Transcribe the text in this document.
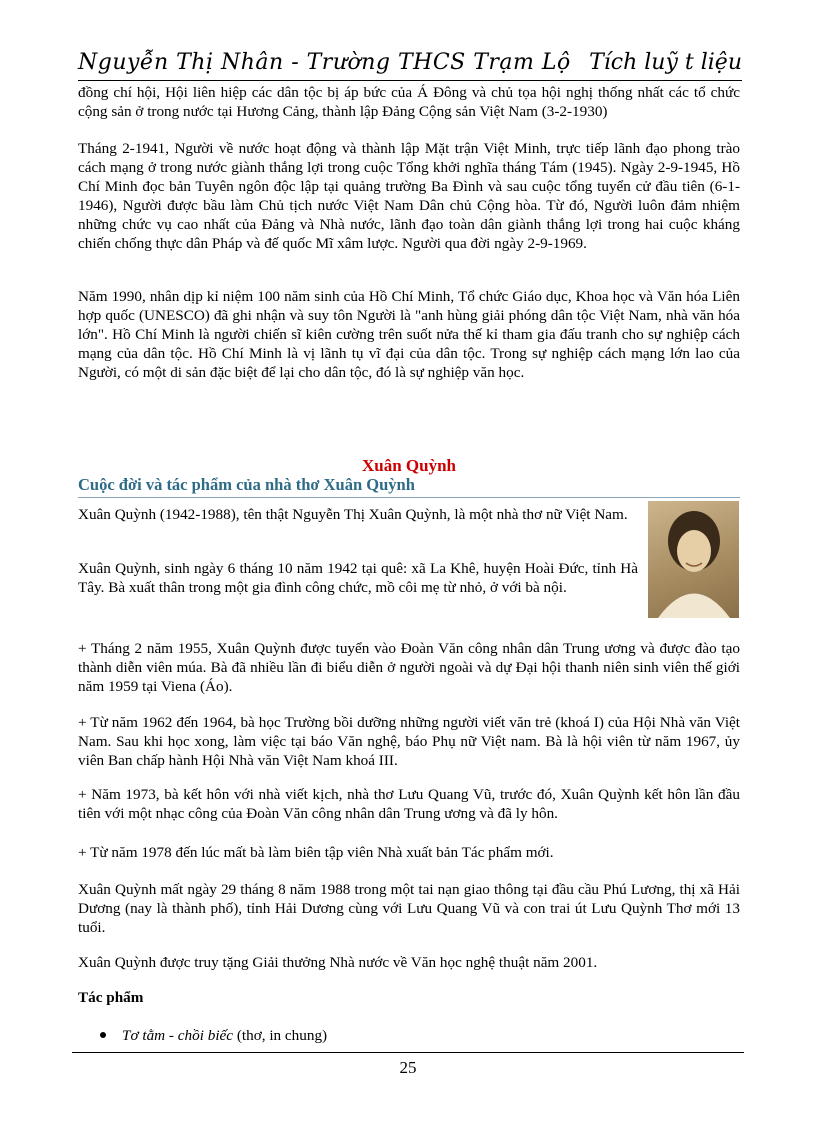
Nguyễn Thị Nhân - Trường THCS Trạm Lộ Tích luỹ t liệu
đồng chí hội, Hội liên hiệp các dân tộc bị áp bức của Á Đông và chủ tọa hội nghị thống nhất các tổ chức cộng sản ở trong nước tại Hương Cảng, thành lập Đảng Cộng sản Việt Nam (3-2-1930)
Tháng 2-1941, Người về nước hoạt động và thành lập Mặt trận Việt Minh, trực tiếp lãnh đạo phong trào cách mạng ở trong nước giành thắng lợi trong cuộc Tổng khởi nghĩa tháng Tám (1945). Ngày 2-9-1945, Hồ Chí Minh đọc bản Tuyên ngôn độc lập tại quảng trường Ba Đình và sau cuộc tổng tuyển cử đầu tiên (6-1-1946), Người được bầu làm Chủ tịch nước Việt Nam Dân chủ Cộng hòa. Từ đó, Người luôn đảm nhiệm những chức vụ cao nhất của Đảng và Nhà nước, lãnh đạo toàn dân giành thắng lợi trong hai cuộc kháng chiến chống thực dân Pháp và đế quốc Mĩ xâm lược. Người qua đời ngày 2-9-1969.
Năm 1990, nhân dịp kỉ niệm 100 năm sinh của Hồ Chí Minh, Tổ chức Giáo dục, Khoa học và Văn hóa Liên hợp quốc (UNESCO) đã ghi nhận và suy tôn Người là "anh hùng giải phóng dân tộc Việt Nam, nhà văn hóa lớn". Hồ Chí Minh là người chiến sĩ kiên cường trên suốt nửa thế kỉ tham gia đấu tranh cho sự nghiệp cách mạng của dân tộc. Hồ Chí Minh là vị lãnh tụ vĩ đại của dân tộc. Trong sự nghiệp cách mạng lớn lao của Người, có một di sản đặc biệt để lại cho dân tộc, đó là sự nghiệp văn học.
Xuân Quỳnh
Cuộc đời và tác phẩm của nhà thơ Xuân Quỳnh
Xuân Quỳnh (1942-1988), tên thật Nguyễn Thị Xuân Quỳnh, là một nhà thơ nữ Việt Nam.
Xuân Quỳnh, sinh ngày 6 tháng 10 năm 1942 tại quê: xã La Khê, huyện Hoài Đức, tỉnh Hà Tây. Bà xuất thân trong một gia đình công chức, mồ côi mẹ từ nhỏ, ở với bà nội.
+ Tháng 2 năm 1955, Xuân Quỳnh được tuyển vào Đoàn Văn công nhân dân Trung ương và được đào tạo thành diễn viên múa. Bà đã nhiều lần đi biểu diễn ở người ngoài và dự Đại hội thanh niên sinh viên thế giới năm 1959 tại Viena (Áo).
+ Từ năm 1962 đến 1964, bà học Trường bồi dưỡng những người viết văn trẻ (khoá I) của Hội Nhà văn Việt Nam. Sau khi học xong, làm việc tại báo Văn nghệ, báo Phụ nữ Việt nam. Bà là hội viên từ năm 1967, ủy viên Ban chấp hành Hội Nhà văn Việt Nam khoá III.
+ Năm 1973, bà kết hôn với nhà viết kịch, nhà thơ Lưu Quang Vũ, trước đó, Xuân Quỳnh kết hôn lần đầu tiên với một nhạc công của Đoàn Văn công nhân dân Trung ương và đã ly hôn.
+ Từ năm 1978 đến lúc mất bà làm biên tập viên Nhà xuất bản Tác phẩm mới.
Xuân Quỳnh mất ngày 29 tháng 8 năm 1988 trong một tai nạn giao thông tại đầu cầu Phú Lương, thị xã Hải Dương (nay là thành phố), tỉnh Hải Dương cùng với Lưu Quang Vũ và con trai út Lưu Quỳnh Thơ mới 13 tuổi.
Xuân Quỳnh được truy tặng Giải thưởng Nhà nước về Văn học nghệ thuật năm 2001.
Tác phẩm
Tơ tằm - chồi biếc (thơ, in chung)
25
